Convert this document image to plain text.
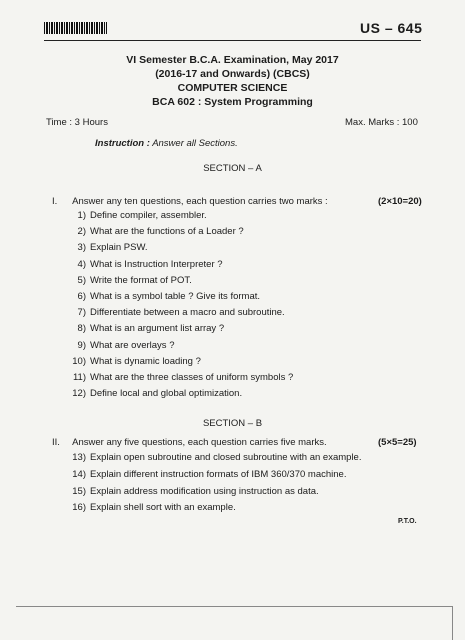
US – 645
VI Semester B.C.A. Examination, May 2017
(2016-17 and Onwards) (CBCS)
COMPUTER SCIENCE
BCA 602 : System Programming
Time : 3 Hours	Max. Marks : 100
Instruction : Answer all Sections.
SECTION – A
I. Answer any ten questions, each question carries two marks :	(2×10=20)
1) Define compiler, assembler.
2) What are the functions of a Loader ?
3) Explain PSW.
4) What is Instruction Interpreter ?
5) Write the format of POT.
6) What is a symbol table ? Give its format.
7) Differentiate between a macro and subroutine.
8) What is an argument list array ?
9) What are overlays ?
10) What is dynamic loading ?
11) What are the three classes of uniform symbols ?
12) Define local and global optimization.
SECTION – B
II. Answer any five questions, each question carries five marks.	(5×5=25)
13) Explain open subroutine and closed subroutine with an example.
14) Explain different instruction formats of IBM 360/370 machine.
15) Explain address modification using instruction as data.
16) Explain shell sort with an example.
P.T.O.
